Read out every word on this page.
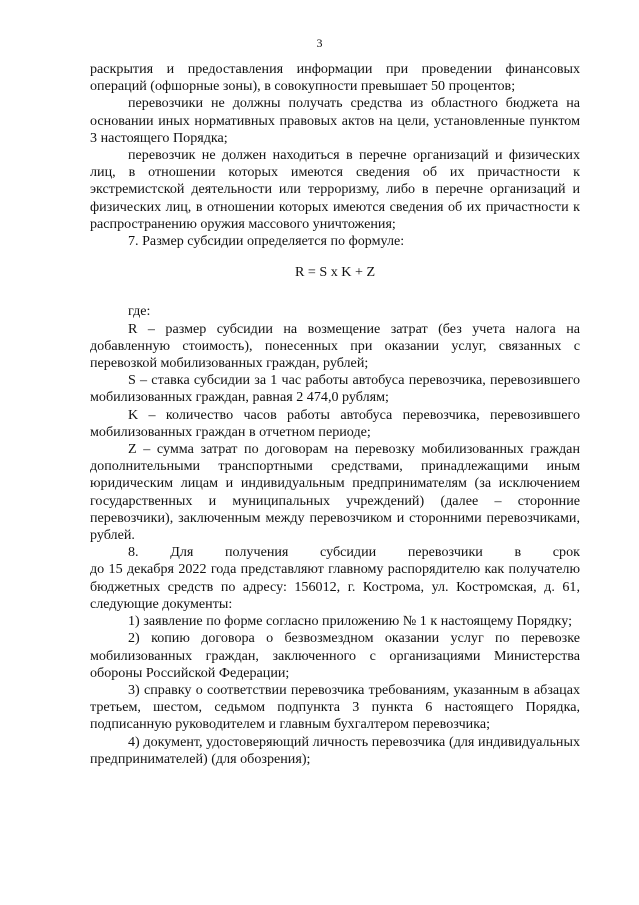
3

раскрытия и предоставления информации при проведении финансовых операций (офшорные зоны), в совокупности превышает 50 процентов;

перевозчики не должны получать средства из областного бюджета на основании иных нормативных правовых актов на цели, установленные пунктом 3 настоящего Порядка;

перевозчик не должен находиться в перечне организаций и физических лиц, в отношении которых имеются сведения об их причастности к экстремистской деятельности или терроризму, либо в перечне организаций и физических лиц, в отношении которых имеются сведения об их причастности к распространению оружия массового уничтожения;

7. Размер субсидии определяется по формуле:

R = S x K + Z

где:

R – размер субсидии на возмещение затрат (без учета налога на добавленную стоимость), понесенных при оказании услуг, связанных с перевозкой мобилизованных граждан, рублей;

S – ставка субсидии за 1 час работы автобуса перевозчика, перевозившего мобилизованных граждан, равная 2 474,0 рублям;

K – количество часов работы автобуса перевозчика, перевозившего мобилизованных граждан в отчетном периоде;

Z – сумма затрат по договорам на перевозку мобилизованных граждан дополнительными транспортными средствами, принадлежащими иным юридическим лицам и индивидуальным предпринимателям (за исключением государственных и муниципальных учреждений) (далее – сторонние перевозчики), заключенным между перевозчиком и сторонними перевозчиками, рублей.

8. Для получения субсидии перевозчики в срок

до 15 декабря 2022 года представляют главному распорядителю как получателю бюджетных средств по адресу: 156012, г. Кострома, ул. Костромская, д. 61, следующие документы:

1) заявление по форме согласно приложению № 1 к настоящему Порядку;

2) копию договора о безвозмездном оказании услуг по перевозке мобилизованных граждан, заключенного с организациями Министерства обороны Российской Федерации;

3) справку о соответствии перевозчика требованиям, указанным в абзацах третьем, шестом, седьмом подпункта 3 пункта 6 настоящего Порядка, подписанную руководителем и главным бухгалтером перевозчика;

4) документ, удостоверяющий личность перевозчика (для индивидуальных предпринимателей) (для обозрения);
